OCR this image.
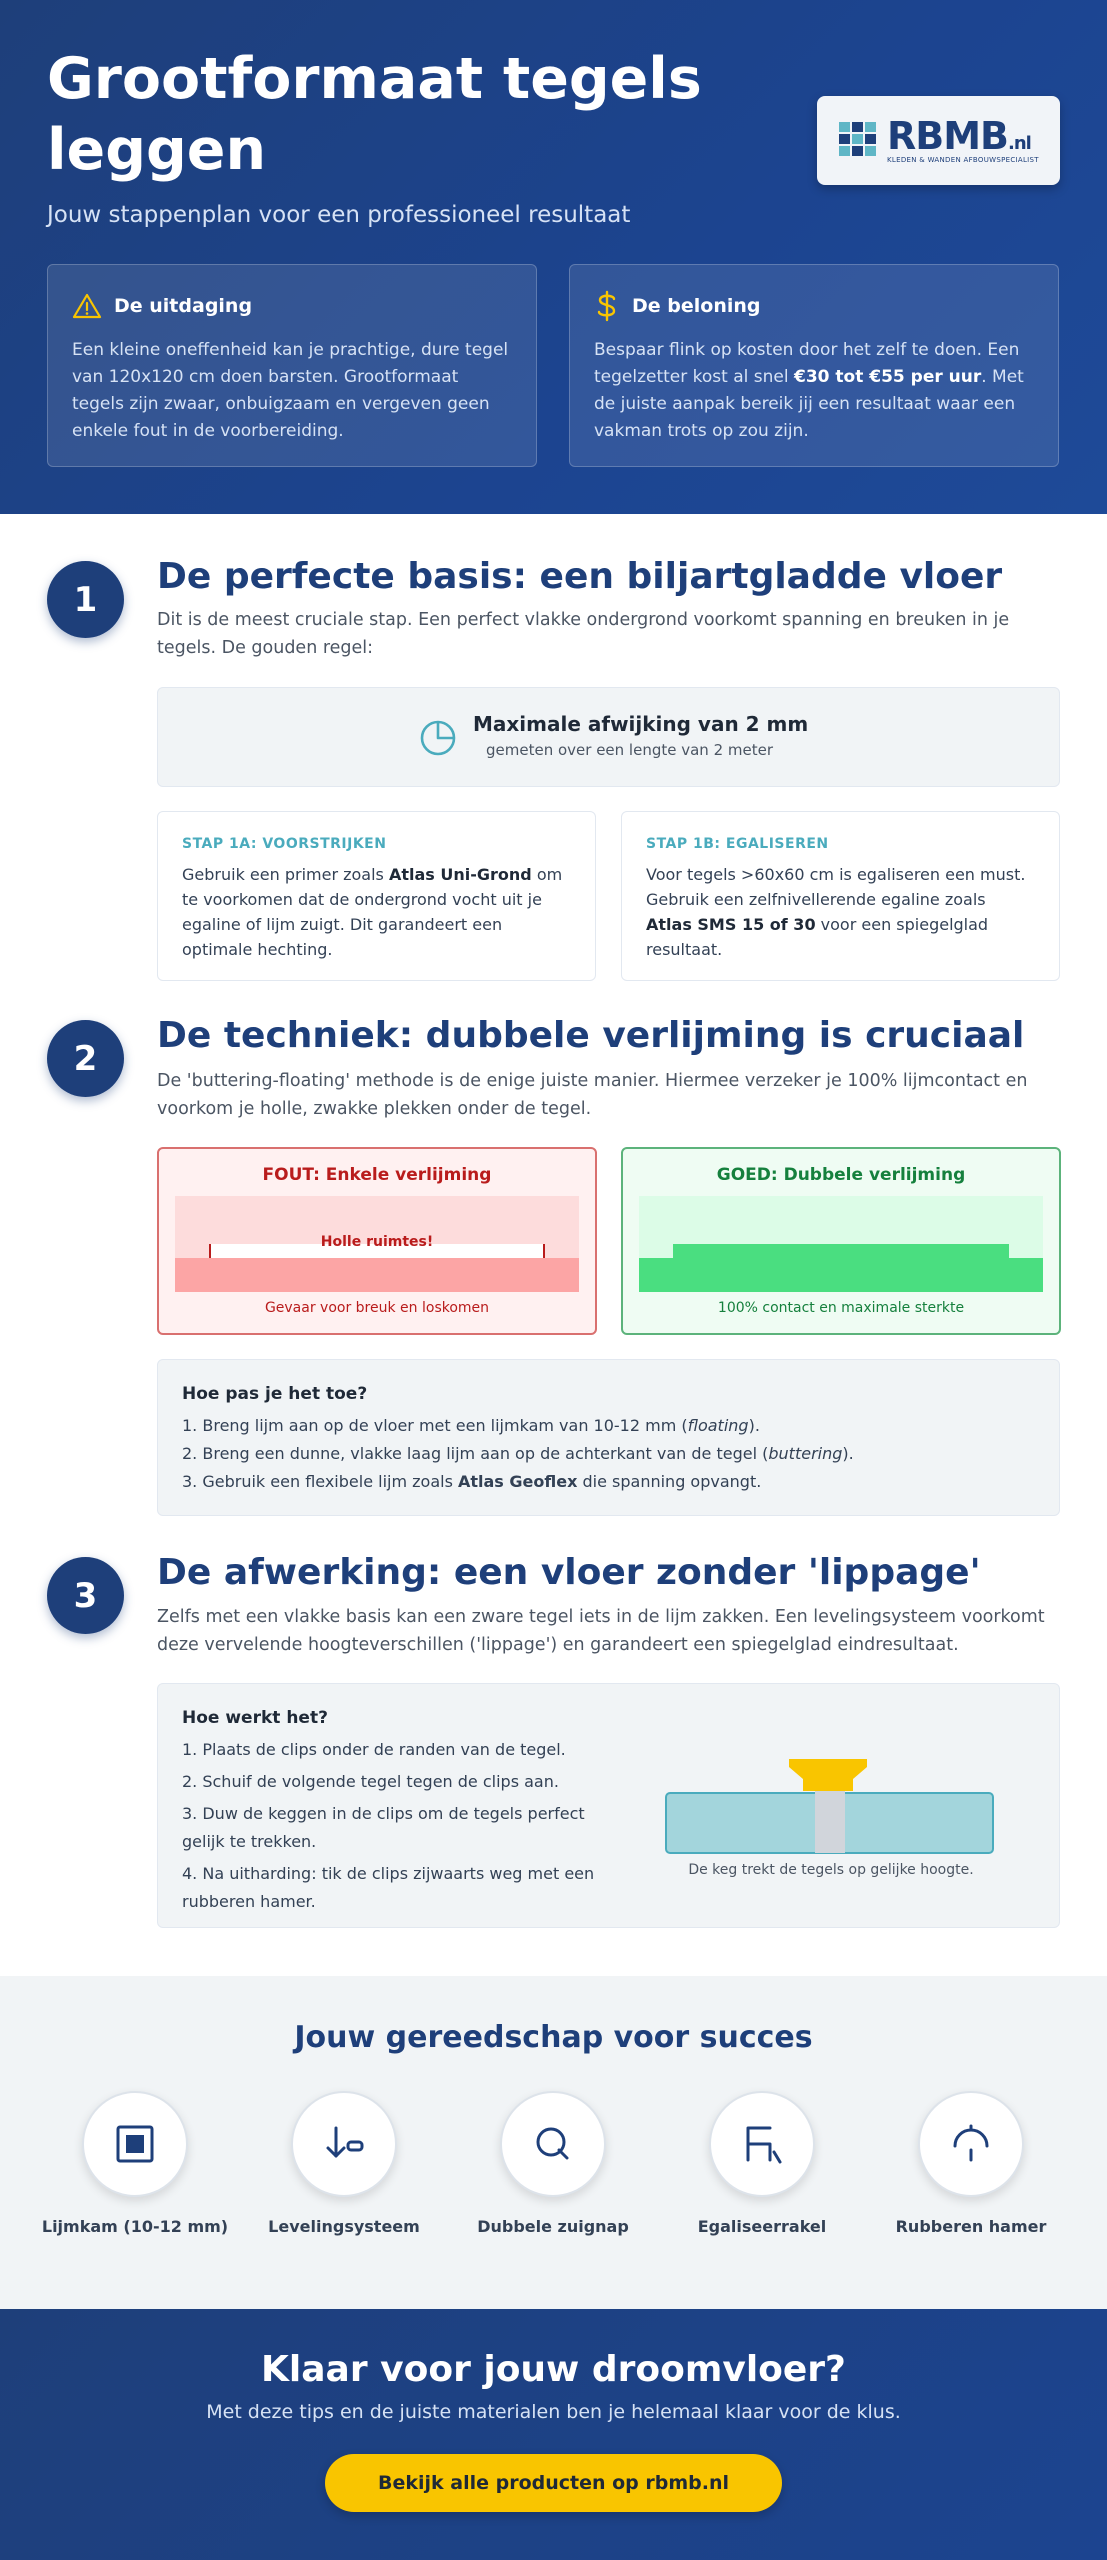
Grootformaat tegels leggen

Jouw stappenplan voor een professioneel resultaat

RBMB.nl
KLEDEN & WANDEN AFBOUWSPECIALIST
De uitdaging

Een kleine oneffenheid kan je prachtige, dure tegel van 120x120 cm doen barsten. Grootformaat tegels zijn zwaar, onbuigzaam en vergeven geen enkele fout in de voorbereiding.

De beloning

Bespaar flink op kosten door het zelf te doen. Een tegelzetter kost al snel €30 tot €55 per uur. Met de juiste aanpak bereik jij een resultaat waar een vakman trots op zou zijn.

1
De perfecte basis: een biljartgladde vloer

Dit is de meest cruciale stap. Een perfect vlakke ondergrond voorkomt spanning en breuken in je tegels. De gouden regel:

Maximale afwijking van 2 mm
gemeten over een lengte van 2 meter
STAP 1A: VOORSTRIJKEN

Gebruik een primer zoals Atlas Uni-Grond om te voorkomen dat de ondergrond vocht uit je egaline of lijm zuigt. Dit garandeert een optimale hechting.

STAP 1B: EGALISEREN

Voor tegels >60x60 cm is egaliseren een must. Gebruik een zelfnivellerende egaline zoals Atlas SMS 15 of 30 voor een spiegelglad resultaat.

2
De techniek: dubbele verlijming is cruciaal

De 'buttering-floating' methode is de enige juiste manier. Hiermee verzeker je 100% lijmcontact en voorkom je holle, zwakke plekken onder de tegel.

FOUT: Enkele verlijming
Holle ruimtes!
Gevaar voor breuk en loskomen
GOED: Dubbele verlijming
100% contact en maximale sterkte
Hoe pas je het toe?
1. Breng lijm aan op de vloer met een lijmkam van 10-12 mm (floating).
2. Breng een dunne, vlakke laag lijm aan op de achterkant van de tegel (buttering).
3. Gebruik een flexibele lijm zoals Atlas Geoflex die spanning opvangt.
3
De afwerking: een vloer zonder 'lippage'

Zelfs met een vlakke basis kan een zware tegel iets in de lijm zakken. Een levelingsysteem voorkomt deze vervelende hoogteverschillen ('lippage') en garandeert een spiegelglad eindresultaat.

Hoe werkt het?
1. Plaats de clips onder de randen van de tegel.
2. Schuif de volgende tegel tegen de clips aan.
3. Duw de keggen in de clips om de tegels perfect gelijk te trekken.
4. Na uitharding: tik de clips zijwaarts weg met een rubberen hamer.
De keg trekt de tegels op gelijke hoogte.
Jouw gereedschap voor succes
Lijmkam (10-12 mm)	Levelingsysteem	Dubbele zuignap	Egaliseerrakel	Rubberen hamer
Klaar voor jouw droomvloer?

Met deze tips en de juiste materialen ben je helemaal klaar voor de klus.

Bekijk alle producten op rbmb.nl
